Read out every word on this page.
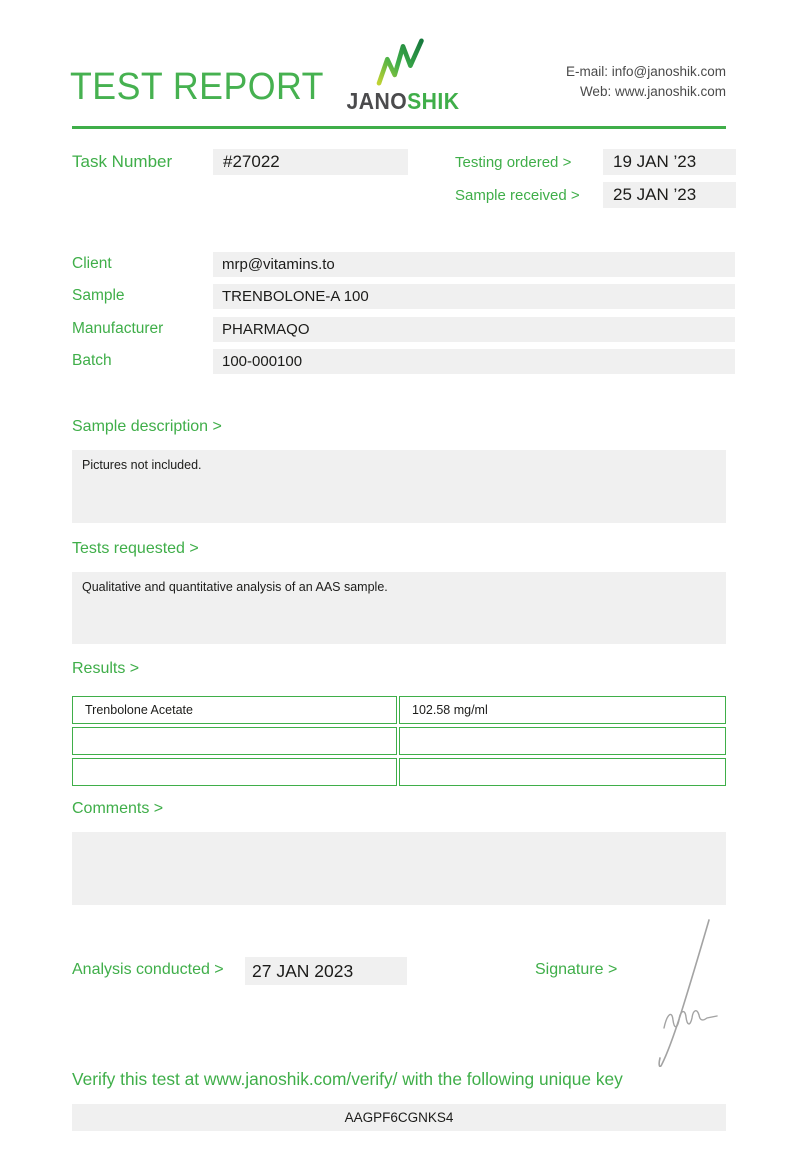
TEST REPORT JANOSHIK
E-mail: info@janoshik.com
Web: www.janoshik.com
Task Number	#27022	Testing ordered >	19 JAN ’23
Sample received >	25 JAN ’23
Client	mrp@vitamins.to
Sample	TRENBOLONE-A 100
Manufacturer	PHARMAQO
Batch	100-000100
Sample description >
Pictures not included.
Tests requested >
Qualitative and quantitative analysis of an AAS sample.
Results >
Trenbolone Acetate	102.58 mg/ml
Comments >
Analysis conducted >	27 JAN 2023	Signature >
Verify this test at www.janoshik.com/verify/ with the following unique key
AAGPF6CGNKS4
